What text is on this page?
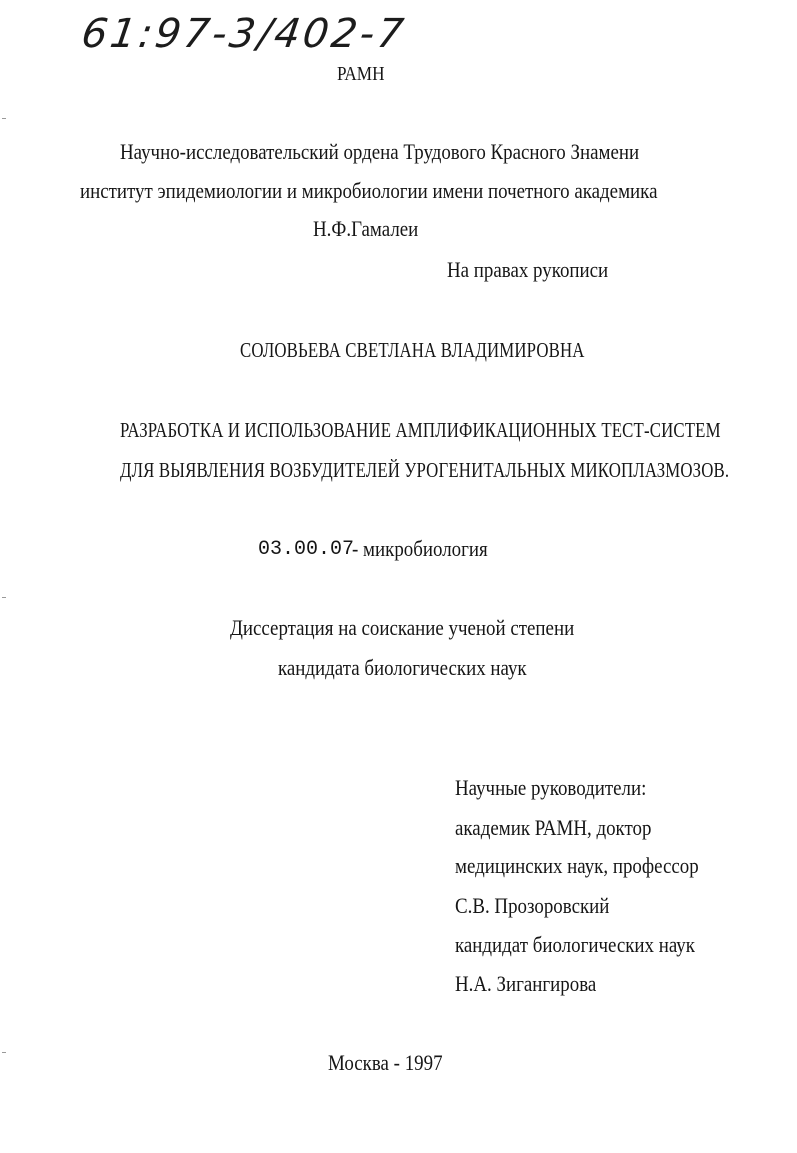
61:97-3/402-7
РАМН
Научно-исследовательский ордена Трудового Красного Знамени
институт эпидемиологии и микробиологии имени почетного академика
Н.Ф.Гамалеи
На правах рукописи
СОЛОВЬЕВА СВЕТЛАНА ВЛАДИМИРОВНА
РАЗРАБОТКА И ИСПОЛЬЗОВАНИЕ АМПЛИФИКАЦИОННЫХ ТЕСТ-СИСТЕМ
ДЛЯ ВЫЯВЛЕНИЯ ВОЗБУДИТЕЛЕЙ УРОГЕНИТАЛЬНЫХ МИКОПЛАЗМОЗОВ.
03.00.07
- микробиология
Диссертация на соискание ученой степени
кандидата биологических наук
Научные руководители:
академик РАМН, доктор
медицинских наук, профессор
С.В. Прозоровский
кандидат биологических наук
Н.А. Зигангирова
Москва - 1997
